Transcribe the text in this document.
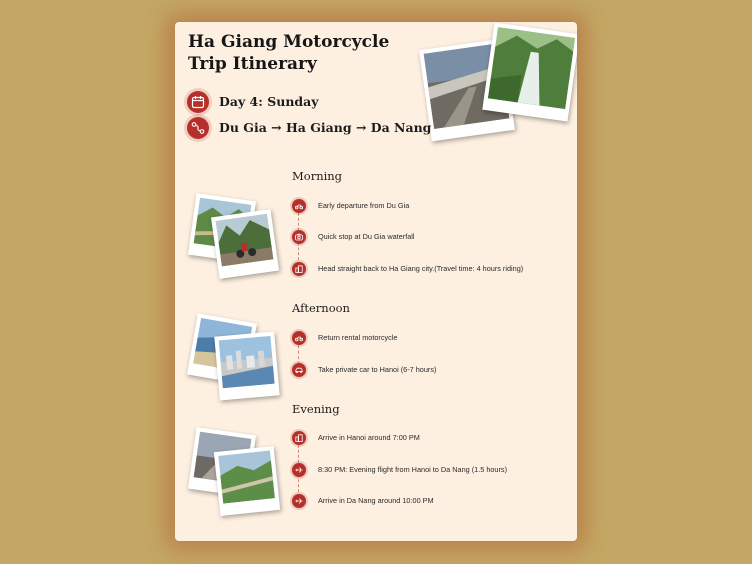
Ha Giang Motorcycle Trip Itinerary
Day 4: Sunday
Du Gia → Ha Giang → Da Nang
Morning
Early departure from Du Gia
Quick stop at Du Gia waterfall
Head straight back to Ha Giang city.(Travel time: 4 hours riding)
Afternoon
Return rental motorcycle
Take private car to Hanoi (6-7 hours)
Evening
Arrive in Hanoi around 7:00 PM
8:30 PM: Evening flight from Hanoi to Da Nang (1.5 hours)
Arrive in Da Nang around 10:00 PM
